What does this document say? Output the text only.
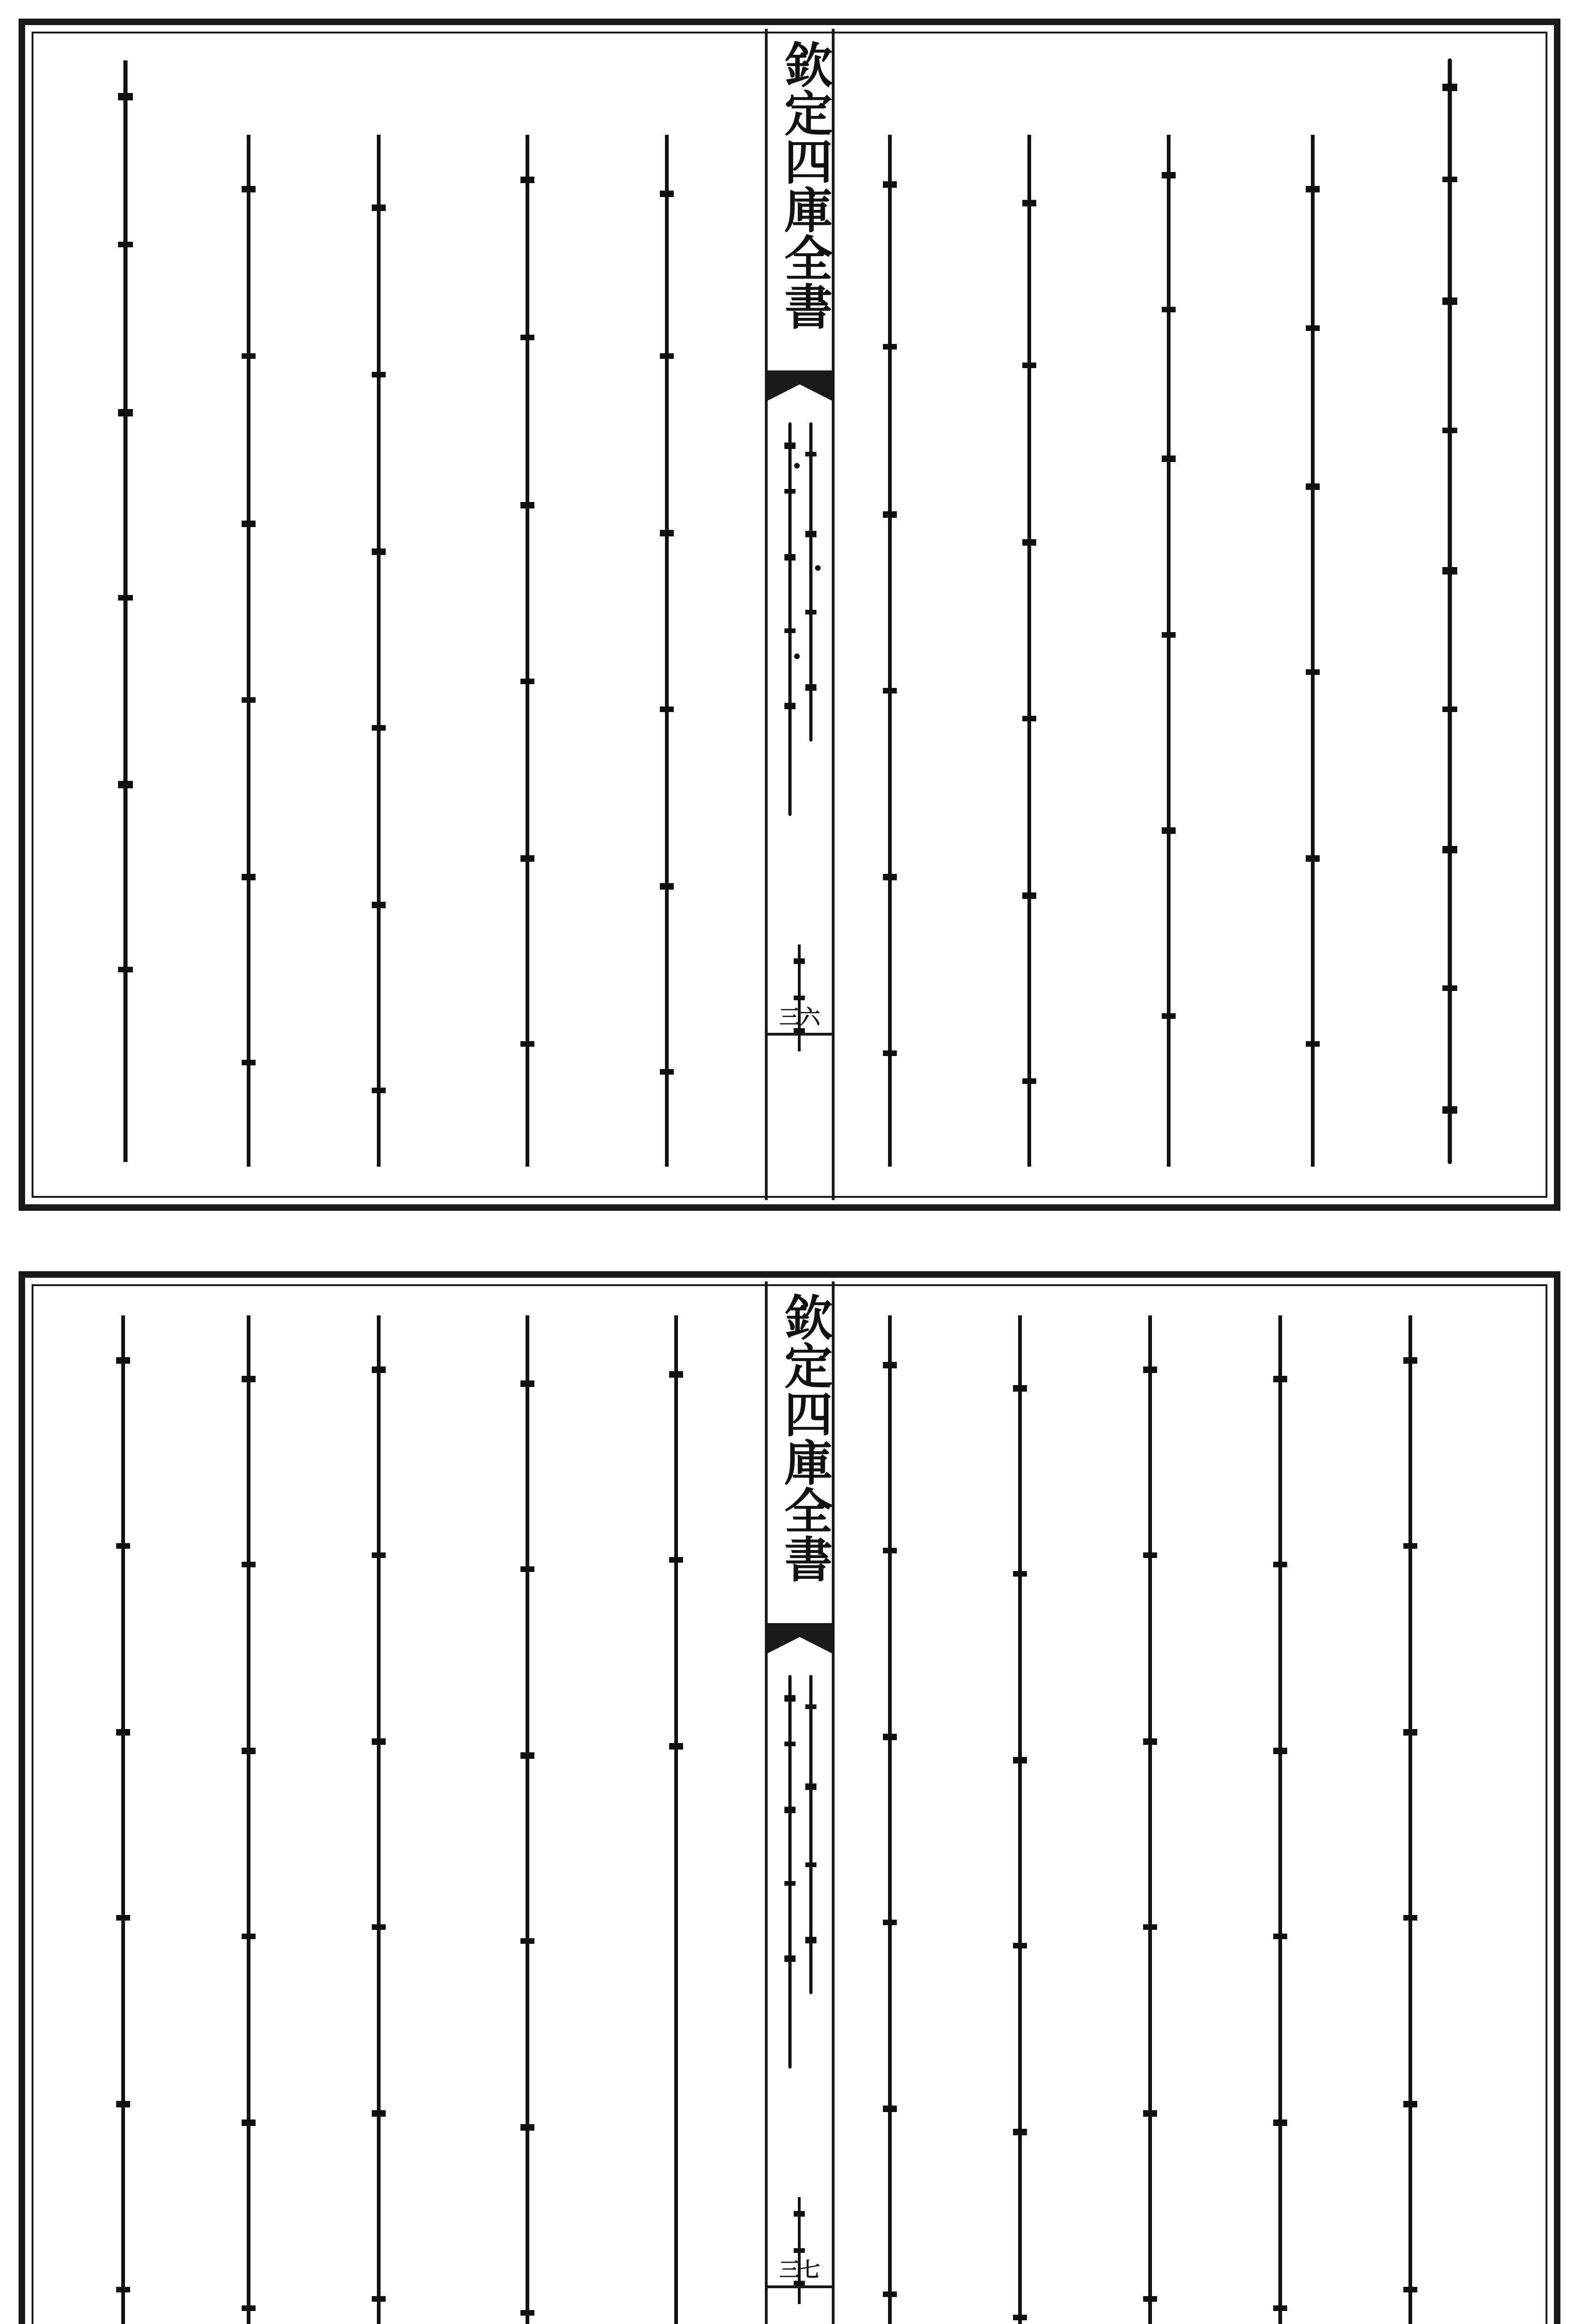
欽定四庫全書
三六
欽定四庫全書
三七
